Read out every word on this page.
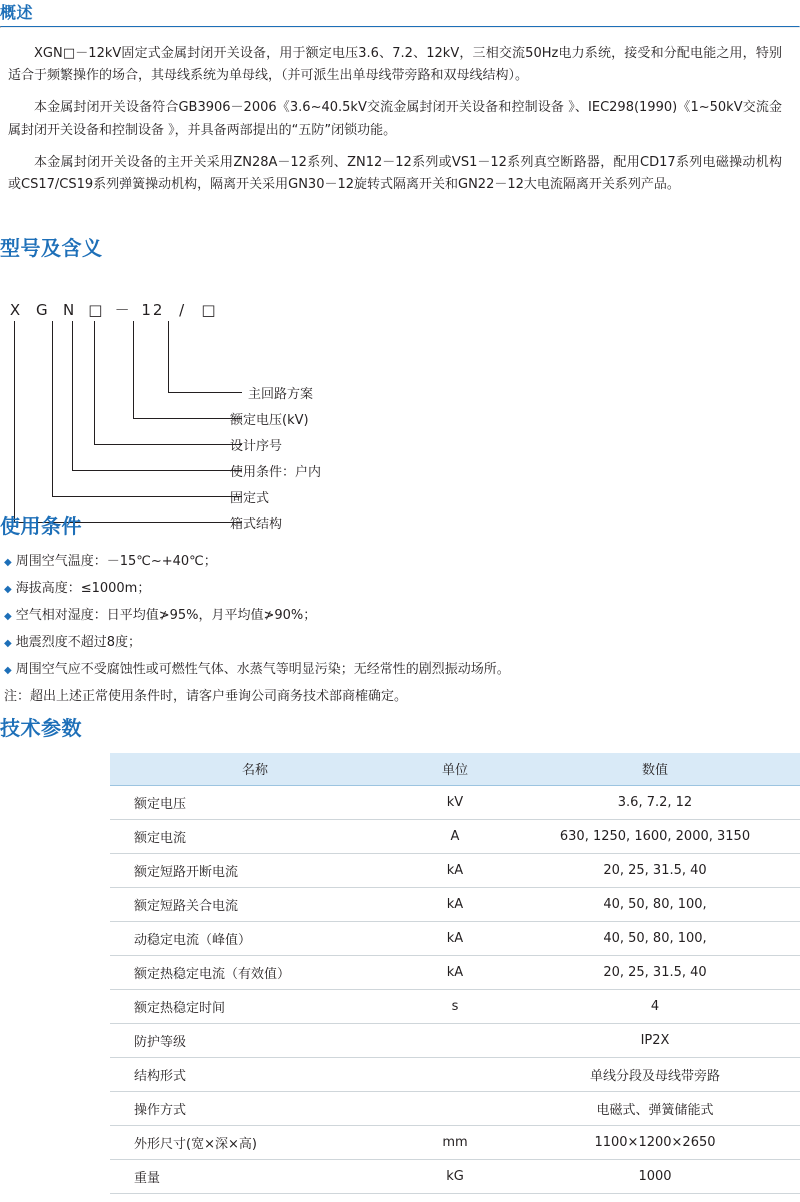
概述

XGN□－12kV固定式金属封闭开关设备，用于额定电压3.6、7.2、12kV，三相交流50Hz电力系统，接受和分配电能之用，特别适合于频繁操作的场合，其母线系统为单母线，（并可派生出单母线带旁路和双母线结构）。

本金属封闭开关设备符合GB3906－2006《3.6~40.5kV交流金属封闭开关设备和控制设备 》、IEC298(1990)《1~50kV交流金属封闭开关设备和控制设备 》，并具备两部提出的“五防”闭锁功能。

本金属封闭开关设备的主开关采用ZN28A－12系列、ZN12－12系列或VS1－12系列真空断路器，配用CD17系列电磁操动机构或CS17/CS19系列弹簧操动机构，隔离开关采用GN30－12旋转式隔离开关和GN22－12大电流隔离开关系列产品。

型号及含义
X G N □ － 12 / □
主回路方案
额定电压(kV)
设计序号
使用条件：户内
固定式
箱式结构
使用条件
◆ 周围空气温度：－15℃~+40℃；
◆ 海拔高度：≤1000m；
◆ 空气相对湿度：日平均值≯95%，月平均值≯90%；
◆ 地震烈度不超过8度；
◆ 周围空气应不受腐蚀性或可燃性气体、水蒸气等明显污染；无经常性的剧烈振动场所。
注：超出上述正常使用条件时，请客户垂询公司商务技术部商榷确定。
技术参数
名称	单位	数值
额定电压	kV	3.6, 7.2, 12
额定电流	A	630, 1250, 1600, 2000, 3150
额定短路开断电流	kA	20, 25, 31.5, 40
额定短路关合电流	kA	40, 50, 80, 100,
动稳定电流（峰值）	kA	40, 50, 80, 100,
额定热稳定电流（有效值）	kA	20, 25, 31.5, 40
额定热稳定时间	s	4
防护等级		IP2X
结构形式		单线分段及母线带旁路
操作方式		电磁式、弹簧储能式
外形尺寸(宽×深×高)	mm	1100×1200×2650
重量	kG	1000
